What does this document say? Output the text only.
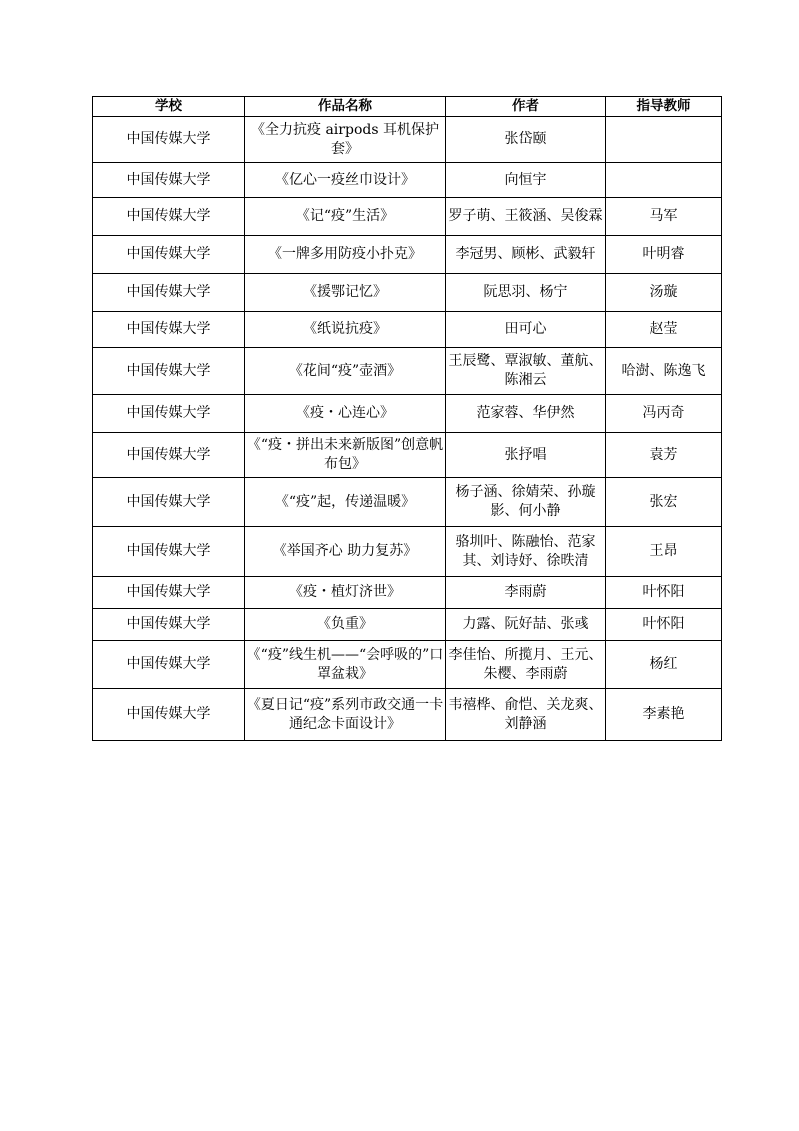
学校	作品名称	作者	指导教师
中国传媒大学	《全力抗疫 airpods 耳机保护套》	张岱颐	
中国传媒大学	《亿心一疫丝巾设计》	向恒宇	
中国传媒大学	《记“疫”生活》	罗子萌、王筱涵、吴俊霖	马军
中国传媒大学	《一牌多用防疫小扑克》	李冠男、顾彬、武毅轩	叶明睿
中国传媒大学	《援鄂记忆》	阮思羽、杨宁	汤璇
中国传媒大学	《纸说抗疫》	田可心	赵莹
中国传媒大学	《花间“疫”壶酒》	王辰鹭、覃淑敏、董航、陈湘云	哈澍、陈逸飞
中国传媒大学	《疫・心连心》	范家蓉、华伊然	冯丙奇
中国传媒大学	《“疫・拼出未来新版图”创意帆布包》	张抒唱	袁芳
中国传媒大学	《“疫”起，传递温暖》	杨子涵、徐婧荣、孙璇影、何小静	张宏
中国传媒大学	《举国齐心 助力复苏》	骆圳叶、陈融怡、范家其、刘诗妤、徐昳清	王昂
中国传媒大学	《疫・植灯济世》	李雨蔚	叶怀阳
中国传媒大学	《负重》	力露、阮好喆、张彧	叶怀阳
中国传媒大学	《“疫”线生机——“会呼吸的”口罩盆栽》	李佳怡、所揽月、王元、朱樱、李雨蔚	杨红
中国传媒大学	《夏日记“疫”系列市政交通一卡通纪念卡面设计》	韦禧桦、俞恺、关龙爽、刘静涵	李素艳
